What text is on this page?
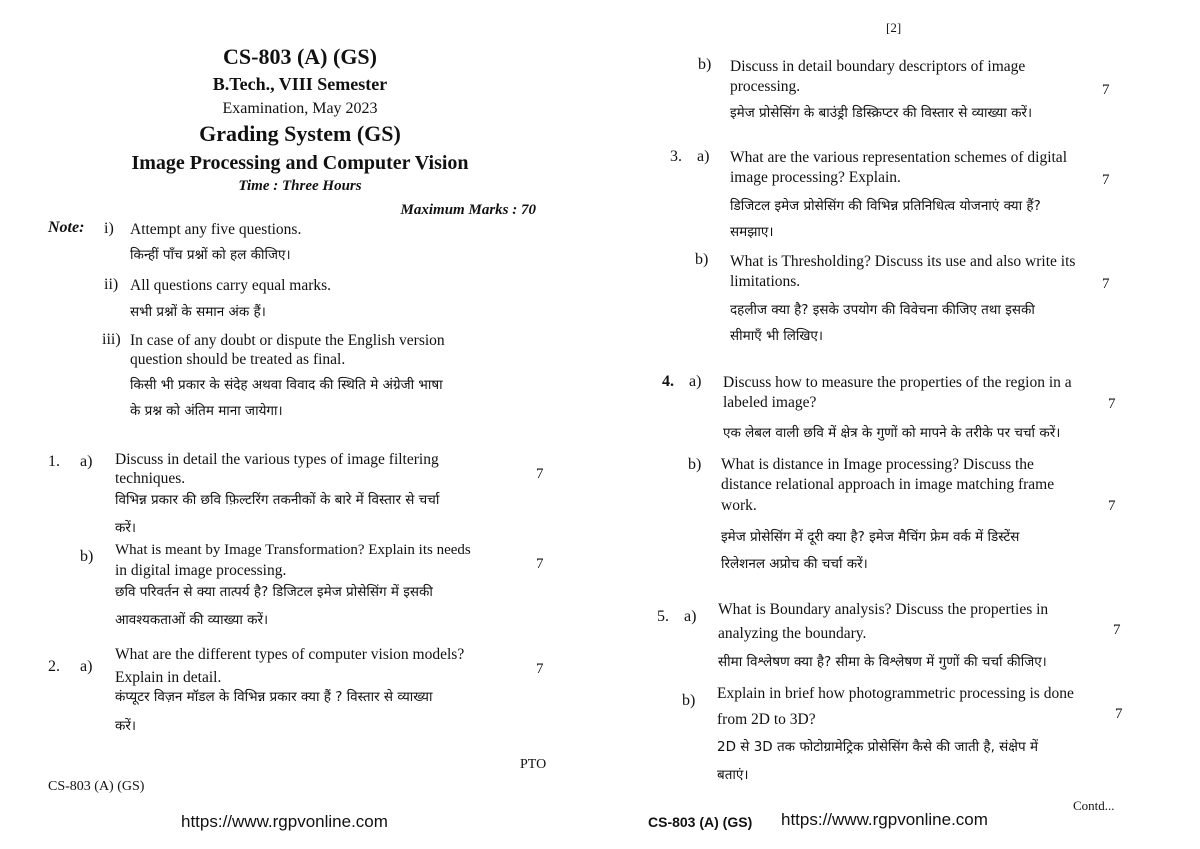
CS-803 (A) (GS)
B.Tech., VIII Semester
Examination, May 2023
Grading System (GS)
Image Processing and Computer Vision
Time : Three Hours
Maximum Marks : 70
Note: i) Attempt any five questions.
किन्हीं पाँच प्रश्नों को हल कीजिए।
ii) All questions carry equal marks.
सभी प्रश्नों के समान अंक हैं।
iii) In case of any doubt or dispute the English version
question should be treated as final.
किसी भी प्रकार के संदेह अथवा विवाद की स्थिति मे अंग्रेजी भाषा
के प्रश्न को अंतिम माना जायेगा।
1. a) Discuss in detail the various types of image filtering
techniques.	7
विभिन्न प्रकार की छवि फ़िल्टरिंग तकनीकों के बारे में विस्तार से चर्चा
करें।
b) What is meant by Image Transformation? Explain its needs
in digital image processing.	7
छवि परिवर्तन से क्या तात्पर्य है? डिजिटल इमेज प्रोसेसिंग में इसकी
आवश्यकताओं की व्याख्या करें।
2. a)
What are the different types of computer vision models?
7
Explain in detail.
कंप्यूटर विज़न मॉडल के विभिन्न प्रकार क्या हैं ? विस्तार से व्याख्या
करें।
PTO
CS-803 (A) (GS)
https://www.rgpvonline.com
[2]
b) Discuss in detail boundary descriptors of image
processing.	7
इमेज प्रोसेसिंग के बाउंड्री डिस्क्रिप्टर की विस्तार से व्याख्या करें।
3. a) What are the various representation schemes of digital
image processing? Explain.	7
डिजिटल इमेज प्रोसेसिंग की विभिन्न प्रतिनिधित्व योजनाएं क्या हैं?
समझाए।
b) What is Thresholding? Discuss its use and also write its
limitations.	7
दहलीज क्या है? इसके उपयोग की विवेचना कीजिए तथा इसकी
सीमाएँ भी लिखिए।
4. a) Discuss how to measure the properties of the region in a
labeled image?	7
एक लेबल वाली छवि में क्षेत्र के गुणों को मापने के तरीके पर चर्चा करें।
b) What is distance in Image processing? Discuss the
distance relational approach in image matching frame
work.	7
इमेज प्रोसेसिंग में दूरी क्या है? इमेज मैचिंग फ्रेम वर्क में डिस्टेंस
रिलेशनल अप्रोच की चर्चा करें।
5. a) What is Boundary analysis? Discuss the properties in
analyzing the boundary.	7
सीमा विश्लेषण क्या है? सीमा के विश्लेषण में गुणों की चर्चा कीजिए।
b) Explain in brief how photogrammetric processing is done
from 2D to 3D?	7
2D से 3D तक फोटोग्रामेट्रिक प्रोसेसिंग कैसे की जाती है, संक्षेप में
बताएं।
Contd...
CS-803 (A) (GS) https://www.rgpvonline.com
